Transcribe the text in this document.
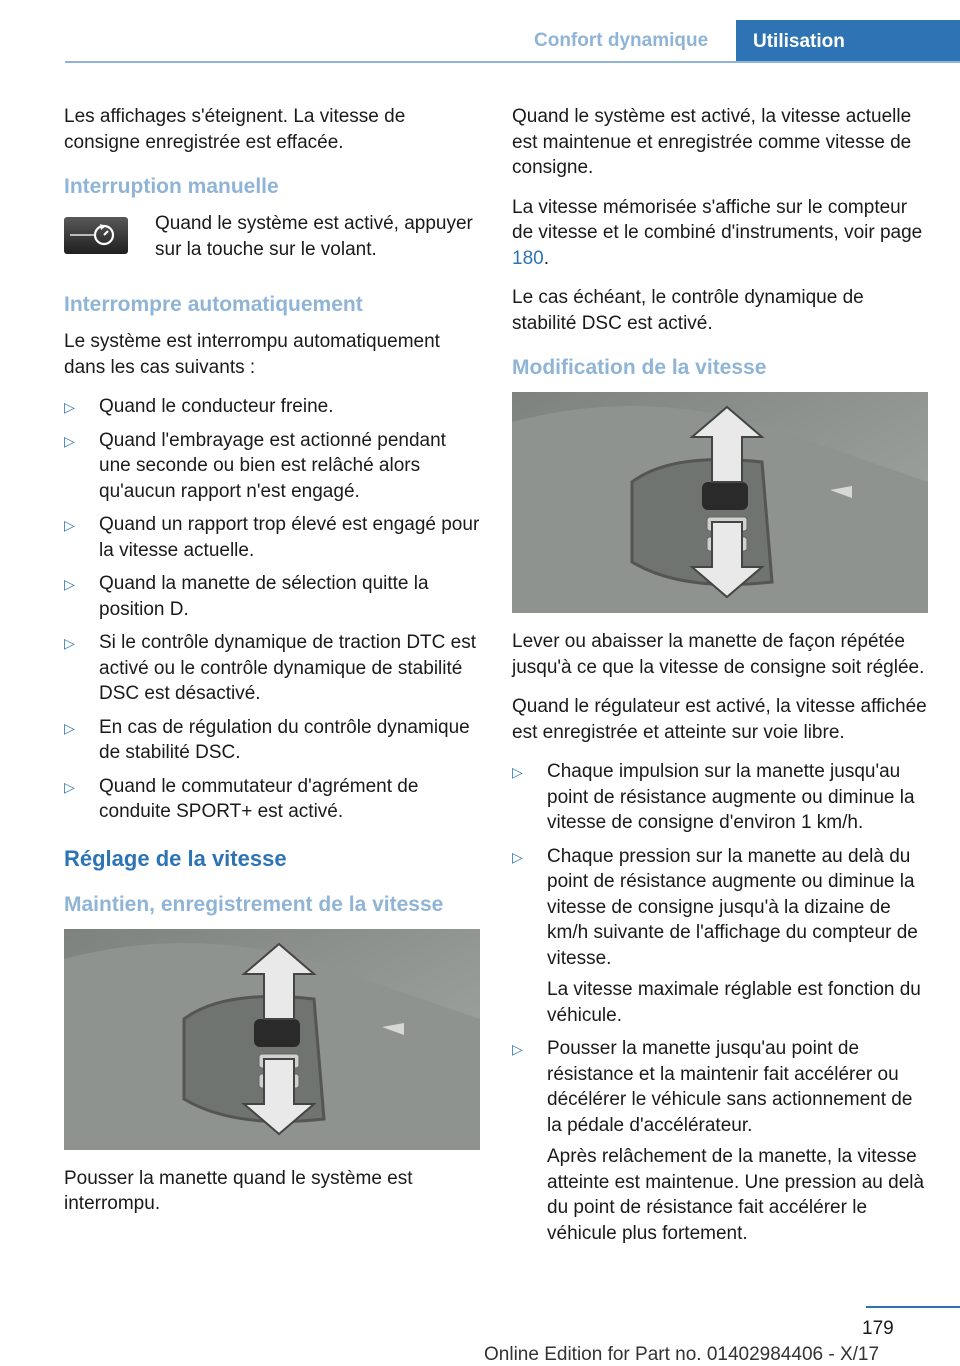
Confort dynamique Utilisation

Les affichages s'éteignent. La vitesse de consigne enregistrée est effacée.

Interruption manuelle

Quand le système est activé, appuyer sur la touche sur le volant.

Interrompre automatiquement

Le système est interrompu automatiquement dans les cas suivants :

▷ Quand le conducteur freine.
▷ Quand l'embrayage est actionné pendant une seconde ou bien est relâché alors qu'aucun rapport n'est engagé.
▷ Quand un rapport trop élevé est engagé pour la vitesse actuelle.
▷ Quand la manette de sélection quitte la position D.
▷ Si le contrôle dynamique de traction DTC est activé ou le contrôle dynamique de stabilité DSC est désactivé.
▷ En cas de régulation du contrôle dynamique de stabilité DSC.
▷ Quand le commutateur d'agrément de conduite SPORT+ est activé.
Réglage de la vitesse
Maintien, enregistrement de la vitesse

Pousser la manette quand le système est interrompu.

Quand le système est activé, la vitesse actuelle est maintenue et enregistrée comme vitesse de consigne.

La vitesse mémorisée s'affiche sur le compteur de vitesse et le combiné d'instruments, voir page 180.

Le cas échéant, le contrôle dynamique de stabilité DSC est activé.

Modification de la vitesse

Lever ou abaisser la manette de façon répétée jusqu'à ce que la vitesse de consigne soit réglée.

Quand le régulateur est activé, la vitesse affichée est enregistrée et atteinte sur voie libre.

▷ Chaque impulsion sur la manette jusqu'au point de résistance augmente ou diminue la vitesse de consigne d'environ 1 km/h.
▷ Chaque pression sur la manette au delà du point de résistance augmente ou diminue la vitesse de consigne jusqu'à la dizaine de km/h suivante de l'affichage du compteur de vitesse.

La vitesse maximale réglable est fonction du véhicule.

▷ Pousser la manette jusqu'au point de résistance et la maintenir fait accélérer ou décélérer le véhicule sans actionnement de la pédale d'accélérateur.

Après relâchement de la manette, la vitesse atteinte est maintenue. Une pression au delà du point de résistance fait accélérer le véhicule plus fortement.

179
Online Edition for Part no. 01402984406 - X/17
